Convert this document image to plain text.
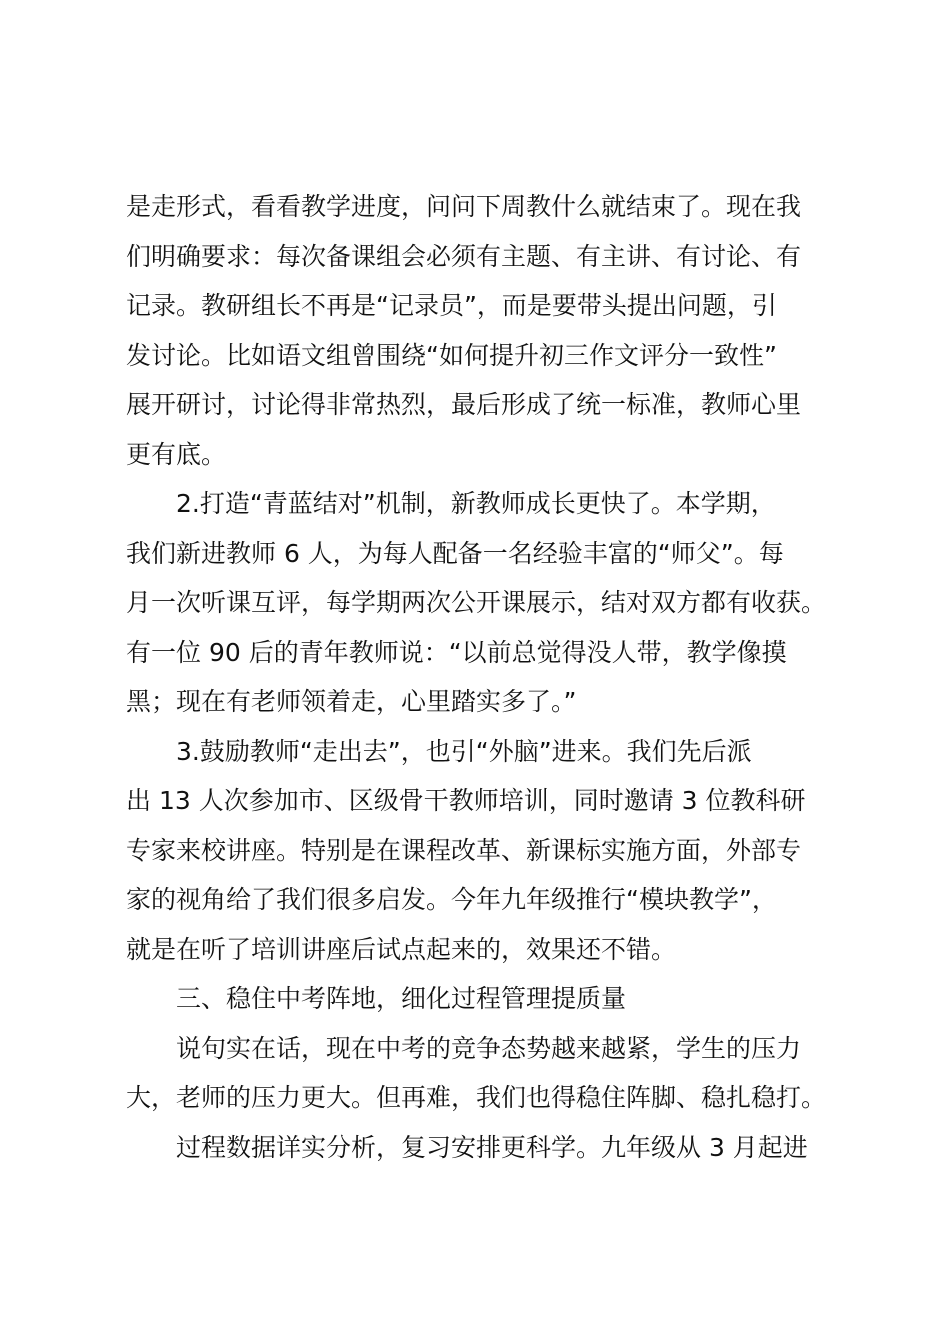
是走形式，看看教学进度，问问下周教什么就结束了。现在我
们明确要求：每次备课组会必须有主题、有主讲、有讨论、有
记录。教研组长不再是“记录员”，而是要带头提出问题，引
发讨论。比如语文组曾围绕“如何提升初三作文评分一致性”
展开研讨，讨论得非常热烈，最后形成了统一标准，教师心里
更有底。
2.打造“青蓝结对”机制，新教师成长更快了。本学期，
我们新进教师 6 人，为每人配备一名经验丰富的“师父”。每
月一次听课互评，每学期两次公开课展示，结对双方都有收获。
有一位 90 后的青年教师说：“以前总觉得没人带，教学像摸
黑；现在有老师领着走，心里踏实多了。”
3.鼓励教师“走出去”，也引“外脑”进来。我们先后派
出 13 人次参加市、区级骨干教师培训，同时邀请 3 位教科研
专家来校讲座。特别是在课程改革、新课标实施方面，外部专
家的视角给了我们很多启发。今年九年级推行“模块教学”，
就是在听了培训讲座后试点起来的，效果还不错。
三、稳住中考阵地，细化过程管理提质量
说句实在话，现在中考的竞争态势越来越紧，学生的压力
大，老师的压力更大。但再难，我们也得稳住阵脚、稳扎稳打。
过程数据详实分析，复习安排更科学。九年级从 3 月起进
